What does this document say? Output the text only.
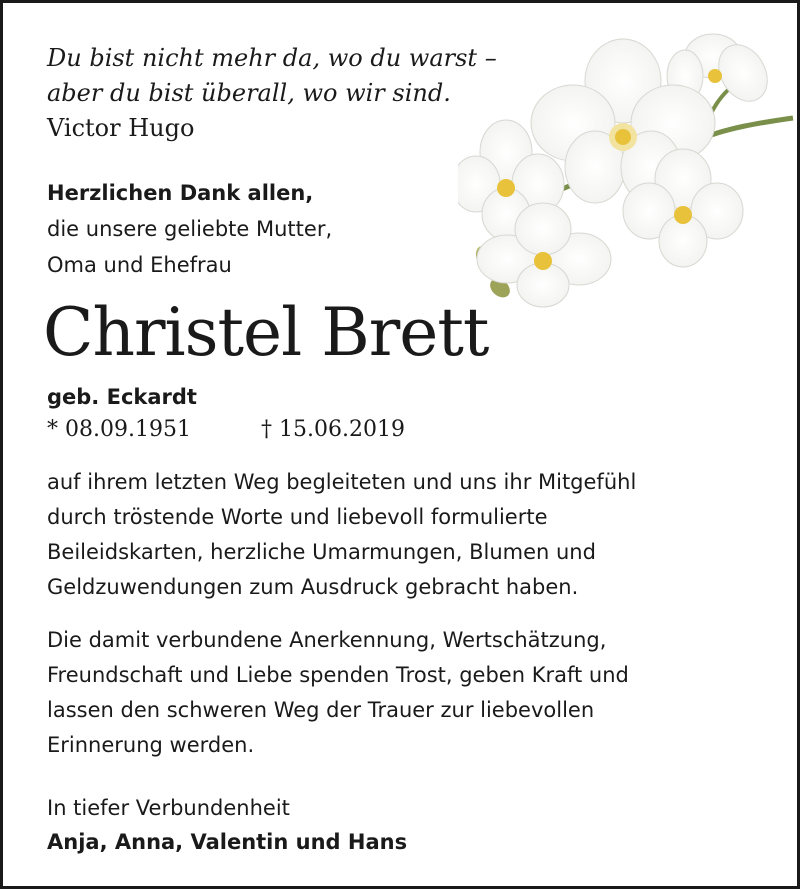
Du bist nicht mehr da, wo du warst –
aber du bist überall, wo wir sind.
Victor Hugo
Herzlichen Dank allen,
die unsere geliebte Mutter,
Oma und Ehefrau
Christel Brett
geb. Eckardt
* 08.09.1951	† 15.06.2019
auf ihrem letzten Weg begleiteten und uns ihr Mitgefühl
durch tröstende Worte und liebevoll formulierte
Beileidskarten, herzliche Umarmungen, Blumen und
Geldzuwendungen zum Ausdruck gebracht haben.
Die damit verbundene Anerkennung, Wertschätzung,
Freundschaft und Liebe spenden Trost, geben Kraft und
lassen den schweren Weg der Trauer zur liebevollen
Erinnerung werden.
In tiefer Verbundenheit
Anja, Anna, Valentin und Hans
